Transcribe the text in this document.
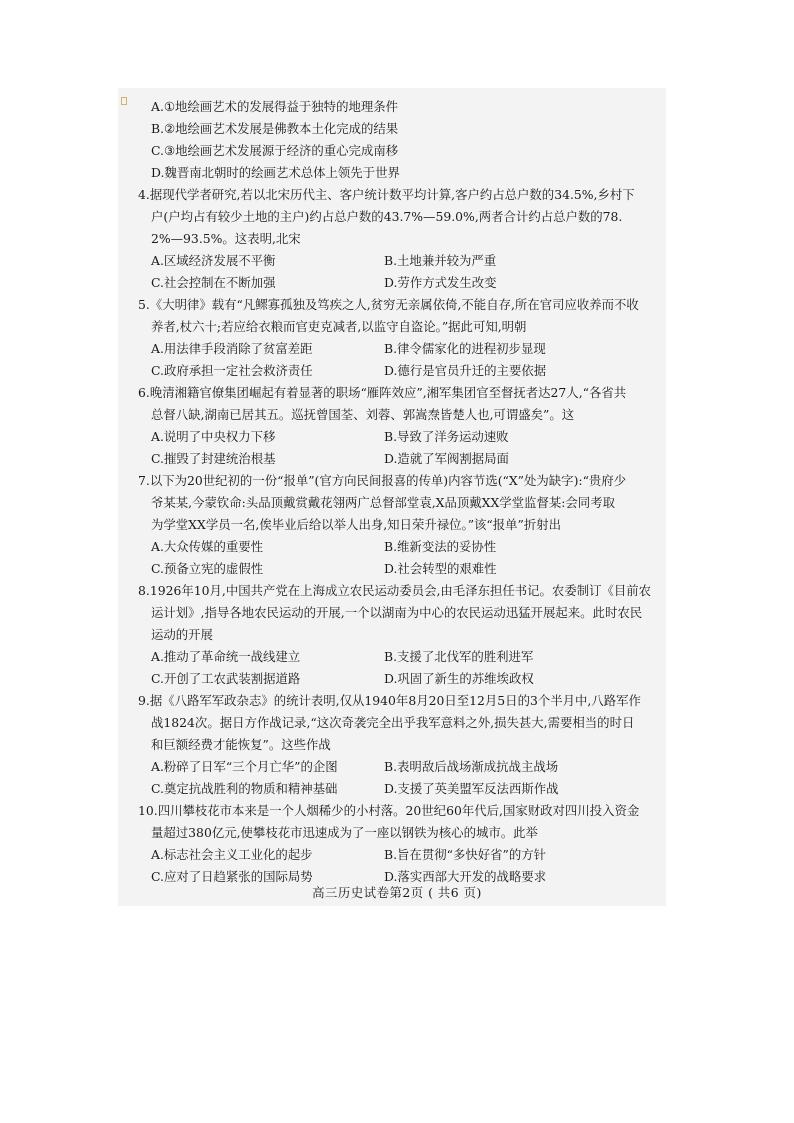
A.①地绘画艺术的发展得益于独特的地理条件
B.②地绘画艺术发展是佛教本土化完成的结果
C.③地绘画艺术发展源于经济的重心完成南移
D.魏晋南北朝时的绘画艺术总体上领先于世界
4.据现代学者研究,若以北宋历代主、客户统计数平均计算,客户约占总户数的34.5%,乡村下
户(户均占有较少土地的主户)约占总户数的43.7%—59.0%,两者合计约占总户数的78.
2%—93.5%。这表明,北宋
A.区域经济发展不平衡	B.土地兼并较为严重
C.社会控制在不断加强	D.劳作方式发生改变
5.《大明律》载有“凡鳏寡孤独及笃疾之人,贫穷无亲属依倚,不能自存,所在官司应收养而不收
养者,杖六十;若应给衣粮而官吏克减者,以监守自盗论。”据此可知,明朝
A.用法律手段消除了贫富差距	B.律令儒家化的进程初步显现
C.政府承担一定社会救济责任	D.德行是官员升迁的主要依据
6.晚清湘籍官僚集团崛起有着显著的职场“雁阵效应”,湘军集团官至督抚者达27人,“各省共
总督八缺,湖南已居其五。巡抚曾国荃、刘蓉、郭嵩焘皆楚人也,可谓盛矣”。这
A.说明了中央权力下移	B.导致了洋务运动速败
C.摧毁了封建统治根基	D.造就了军阀割据局面
7.以下为20世纪初的一份“报单”(官方向民间报喜的传单)内容节选(“X”处为缺字):“贵府少
爷某某,今蒙钦命:头品顶戴赏戴花翎两广总督部堂袁,X品顶戴XX学堂监督某:会同考取
为学堂XX学员一名,俟毕业后给以举人出身,知日荣升禄位。”该“报单”折射出
A.大众传媒的重要性	B.维新变法的妥协性
C.预备立宪的虚假性	D.社会转型的艰难性
8.1926年10月,中国共产党在上海成立农民运动委员会,由毛泽东担任书记。农委制订《目前农
运计划》,指导各地农民运动的开展,一个以湖南为中心的农民运动迅猛开展起来。此时农民
运动的开展
A.推动了革命统一战线建立	B.支援了北伐军的胜利进军
C.开创了工农武装割据道路	D.巩固了新生的苏维埃政权
9.据《八路军军政杂志》的统计表明,仅从1940年8月20日至12月5日的3个半月中,八路军作
战1824次。据日方作战记录,“这次奇袭完全出乎我军意料之外,损失甚大,需要相当的时日
和巨额经费才能恢复”。这些作战
A.粉碎了日军“三个月亡华”的企图	B.表明敌后战场渐成抗战主战场
C.奠定抗战胜利的物质和精神基础	D.支援了英美盟军反法西斯作战
10.四川攀枝花市本来是一个人烟稀少的小村落。20世纪60年代后,国家财政对四川投入资金
量超过380亿元,使攀枝花市迅速成为了一座以钢铁为核心的城市。此举
A.标志社会主义工业化的起步	B.旨在贯彻“多快好省”的方针
C.应对了日趋紧张的国际局势	D.落实西部大开发的战略要求
高三历史试卷第2页 ( 共6 页)
